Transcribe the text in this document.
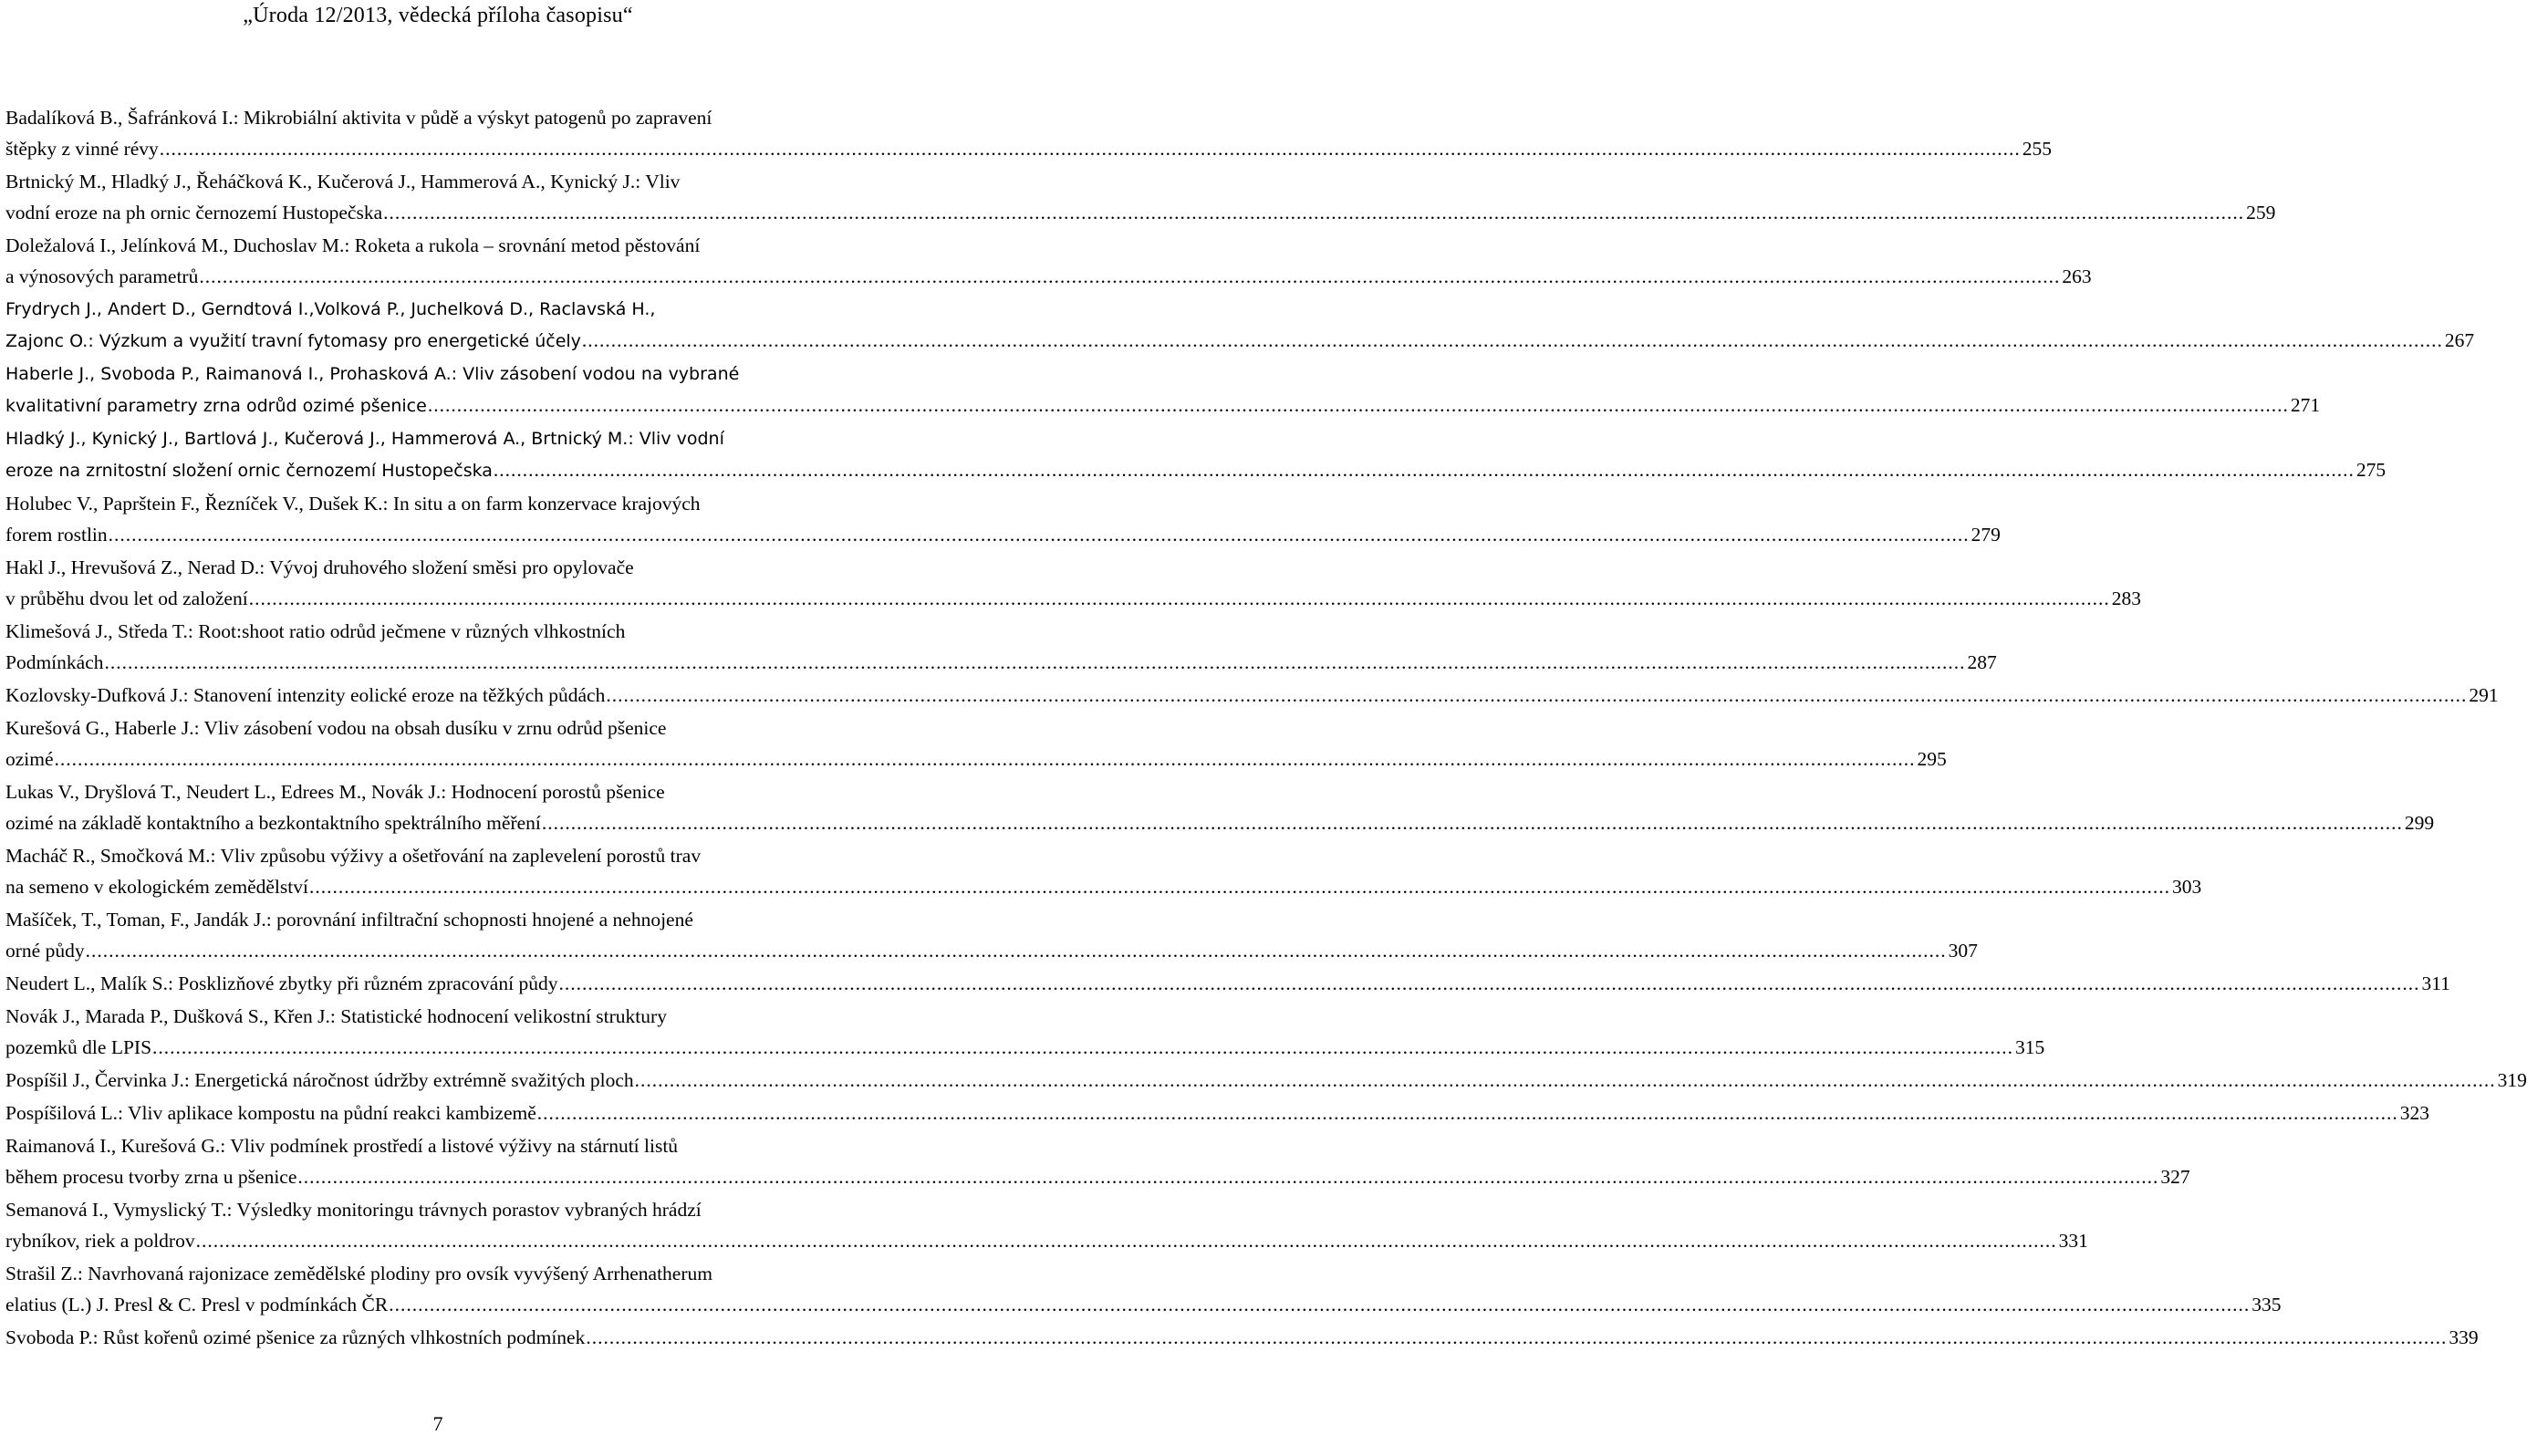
„Úroda 12/2013, vědecká příloha časopisu“
Badalíková B., Šafránková I.: Mikrobiální aktivita v půdě a výskyt patogenů po zapravení
štěpky z vinné révy .....	255
Brtnický M., Hladký J., Řeháčková K., Kučerová J., Hammerová A., Kynický J.: Vliv
vodní eroze na ph ornic černozemí Hustopečska .....	259
Doležalová I., Jelínková M., Duchoslav M.: Roketa a rukola – srovnání metod pěstování
a výnosových parametrů .....	263
Frydrych J., Andert D., Gerndtová I.,Volková P., Juchelková D., Raclavská H.,
Zajonc O.: Výzkum a využití travní fytomasy pro energetické účely .....	267
Haberle J., Svoboda P., Raimanová I., Prohasková A.: Vliv zásobení vodou na vybrané
kvalitativní parametry zrna odrůd ozimé pšenice .....	271
Hladký J., Kynický J., Bartlová J., Kučerová J., Hammerová A., Brtnický M.: Vliv vodní
eroze na zrnitostní složení ornic černozemí Hustopečska .....	275
Holubec V., Paprštein F., Řezníček V., Dušek K.: In situ a on farm konzervace krajových
forem rostlin .....	279
Hakl J., Hrevušová Z., Nerad D.: Vývoj druhového složení směsi pro opylovače
v průběhu dvou let od založení .....	283
Klimešová J., Středa T.: Root:shoot ratio odrůd ječmene v různých vlhkostních
Podmínkách .....	287
Kozlovsky-Dufková J.: Stanovení intenzity eolické eroze na těžkých půdách .....	291
Kurešová G., Haberle J.: Vliv zásobení vodou na obsah dusíku v zrnu odrůd pšenice
ozimé .....	295
Lukas V., Dryšlová T., Neudert L., Edrees M., Novák J.: Hodnocení porostů pšenice
ozimé na základě kontaktního a bezkontaktního spektrálního měření .....	299
Macháč R., Smočková M.: Vliv způsobu výživy a ošetřování na zaplevelení porostů trav
na semeno v ekologickém zemědělství .....	303
Mašíček, T., Toman, F., Jandák J.: porovnání infiltrační schopnosti hnojené a nehnojené
orné půdy .....	307
Neudert L., Malík S.: Posklizňové zbytky při různém zpracování půdy .....	311
Novák J., Marada P., Dušková S., Křen J.: Statistické hodnocení velikostní struktury
pozemků dle LPIS .....	315
Pospíšil J., Červinka J.: Energetická náročnost údržby extrémně svažitých ploch .....	319
Pospíšilová L.: Vliv aplikace kompostu na půdní reakci kambizemě .....	323
Raimanová I., Kurešová G.: Vliv podmínek prostředí a listové výživy na stárnutí listů
během procesu tvorby zrna u pšenice .....	327
Semanová I., Vymyslický T.: Výsledky monitoringu trávnych porastov vybraných hrádzí
rybníkov, riek a poldrov .....	331
Strašil Z.: Navrhovaná rajonizace zemědělské plodiny pro ovsík vyvýšený Arrhenatherum
elatius (L.) J. Presl & C. Presl v podmínkách ČR .....	335
Svoboda P.: Růst kořenů ozimé pšenice za různých vlhkostních podmínek .....	339
7
